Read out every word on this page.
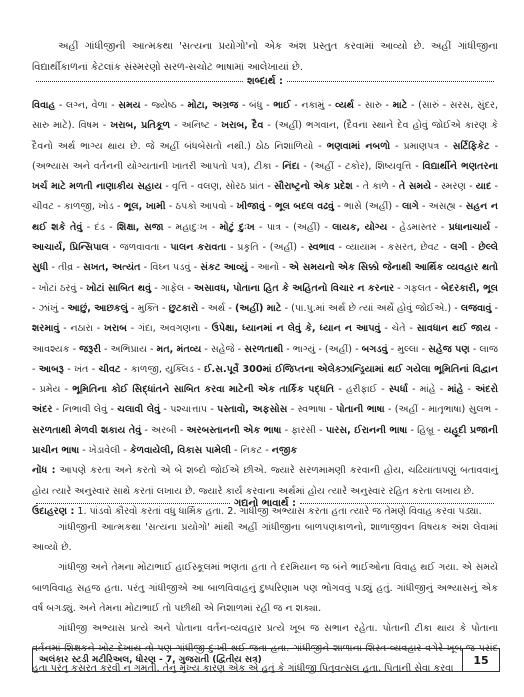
અહીં ગાંધીજીની આત્મકથા 'સત્યના પ્રયોગો'નો એક અંશ પ્રસ્તુત કરવામાં આવ્યો છે. અહીં ગાંધીજીના વિદ્યાર્થીકાળનાં કેટલાંક સંસ્મરણો સરળ-સચોટ ભાષામાં આલેખાયાં છે.

શબ્દાર્થ :
વિવાહ - લગ્ન, વેળા - સમય - જ્યેષ્ઠ - મોટા, અગ્રજ - બંધુ - ભાઈ - નકામું - વ્યર્થ - સારુ - માટે - (સારું - સરસ, સુંદર, સારુ માટે). વિષમ - ખરાબ, પ્રતિકૂળ - અનિષ્ટ - ખરાબ, દૈવ - (અહીં) ભગવાન, (દૈવના સ્થાને દેવ હોવું જોઈએ કારણ કે દૈવનો અર્થ ભાગ્ય થાય છે. જે અહીં બંધબેસતો નથી.) ઠોઠ નિશાળિયો - ભણવામાં નબળો - પ્રમાણપત્ર - સર્ટિફિકેટ - (અભ્યાસ અને વર્તનની યોગ્યતાની ખાતરી આપતો પત્ર), ટીકા - નિંદા - (અહીં - ટકોર), શિષ્યવૃત્તિ - વિદ્યાર્થીને ભણતરના ખર્ચ માટે મળતી નાણાકીય સહાય - વૃત્તિ - વલણ, સોરઠ પ્રાંત - સૌરાષ્ટ્રનો એક પ્રદેશ - તે કાળે - તે સમયે - સ્મરણ - યાદ - ચીવટ - કાળજી, ખોડ - ભૂલ, ખામી - ઠપકો આપવો - ખીજાવું - ભૂલ બદલ વઢવું - ભાસે (અહીં) - લાગે - અસહ્ય - સહન ન થઈ શકે તેવું - દંડ - શિક્ષા, સજા - મહાદુઃખ - મોટું દુઃખ - પાત્ર - (અહીં) - લાયક, યોગ્ય - હેડમાસ્તર - પ્રધાનાચાર્ય - આચાર્ય, પ્રિન્સિપાલ - જળવાવતા - પાલન કરાવતા - પ્રકૃતિ - (અહીં) - સ્વભાવ - વ્યાયામ - કસરત, છેવટ - લગી - છેલ્લે સુધી - તીવ્ર - સખત, અત્યંત - વિઘ્ન પડવું - સંકટ આવ્યું - આનો - એ સમયનો એક સિક્કો જેનાથી આર્થિક વ્યવહાર થતો - ખોટાં ઠરવું - ખોટાં સાબિત થવું - ગાફેલ - અસાવધ, પોતાના હિત કે અહિતનો વિચાર ન કરનાર - ગફલત - બેદરકારી, ભૂલ - ઝાંખું - આછું, આછકલું - મુક્તિ - છુટકારો - અર્થ - (અહીં) માટે - (પા.પુ.માં અર્થ છે ત્યાં અર્થે હોવું જોઈએ.) - લજવાવું - શરમાવું - નઠારા - ખરાબ - ગંદા, અવગણના - ઉપેક્ષા, ધ્યાનમાં ન લેવું કે, ધ્યાન ન આપવું - ચેતે - સાવધાન થઈ જાય - આવશ્યક - જરૂરી - અભિપ્રાય - મત, મંતવ્ય - સહેજે - સરળતાથી - ભાગ્યું - (અહીં) - બગડવું - મુલ્લા - સહેજ પણ - લાજ - આબરૂ - ખંત - ચીવટ - કાળજી, યુક્લિડ - ઈ.સ.પૂર્વે 300માં ઈજિપ્તના એલેક્ઝાન્ડ્રિયામાં થઈ ગયેલા ભૂમિતિનાં વિદ્વાન - પ્રમેય - ભૂમિતિના કોઈ સિદ્ધાંતને સાબિત કરવા માટેની એક તાર્કિક પદ્ધતિ - હરીફાઈ - સ્પર્ધા - માંહે - માંહે - અંદરો અંદર - નિભાવી લેવું - ચલાવી લેવું - પશ્ચાત્તાપ - પસ્તાવો, અફસોસ - સ્વભાષા - પોતાની ભાષા - (અહીં - માતૃભાષા) સુલભ - સરળતાથી મેળવી શકાય તેવું - અરબી - અરબસ્તાનની એક ભાષા - ફારસી - પારસ, ઈરાનની ભાષા - હિબ્રૂ - યહૂદી પ્રજાની પ્રાચીન ભાષા - ખેડાવેલી - કેળવાયેલી, વિકાસ પામેલી - નિકટ - નજીક
નોંધ : આપણે કરતા અને કરતો એ બે શબ્દો જોઈએ છીએ. જ્યારે સરળમામણી કરવાની હોય, ચઢિયાતાપણું બતાવવાનું હોય ત્યારે અનુસ્વાર સાથે કરતાં લખાય છે. જ્યારે કાર્ય કરવાના અર્થમાં હોય ત્યારે અનુસ્વાર રહિત કરતા લખાય છે.
ઉદાહરણ : 1. પાંડવો કૌરવો કરતાં વધુ ધાર્મિક હતા. 2. ગાંધીજી અભ્યાસ કરતા હતા ત્યારે જ તેમણે વિવાહ કરવા પડ્યા.
ગદ્યનો ભાવાર્થ :

ગાંધીજીની આત્મકથા 'સત્યના પ્રયોગો' માંથી અહીં ગાંધીજીના બાળપણકાળનો, શાળાજીવન વિષયક અંશ લેવામાં આવ્યો છે.

ગાંધીજી અને તેમના મોટાભાઈ હાઈસ્કૂલમાં ભણતા હતા તે દરમિયાન જ બંને ભાઈઓના વિવાહ થઈ ગયા. એ સમયે બાળવિવાહ સહજ હતા. પરંતુ ગાંધીજીએ આ બાળવિવાહનું દુષ્પરિણામ પણ ભોગવવું પડ્યું હતું. ગાંધીજીનું અભ્યાસનું એક વર્ષ બગડ્યું. અને તેમના મોટાભાઈ તો પછીથી એ નિશાળમાં રહી જ ન શક્યા.

ગાંધીજી અભ્યાસ પ્રત્યે અને પોતાના વર્તન-વ્યવહાર પ્રત્યે ખૂબ જ સભાન રહેતા. પોતાની ટીકા થાય કે પોતાના વર્તનમાં શિક્ષકને ખોટ દેખાય તો પણ ગાંધીજી દુઃખી થઈ જતા હતા. ગાંધીજીને શાળાના શિસ્ત-વ્યવહાર વગેરે ખૂબ જ પસંદ હતા પરંતુ કસરત કરવી ન ગમતી. તેનું મુખ્ય કારણ એક એ હતું કે ગાંધીજી પિતૃવત્સલ હતા. પિતાની સેવા કરવા

અલંકાર સ્ટડી મટીરિઅલ, ધોરણ - 7, ગુજરાતી (દ્વિતીય સત્ર)	15
